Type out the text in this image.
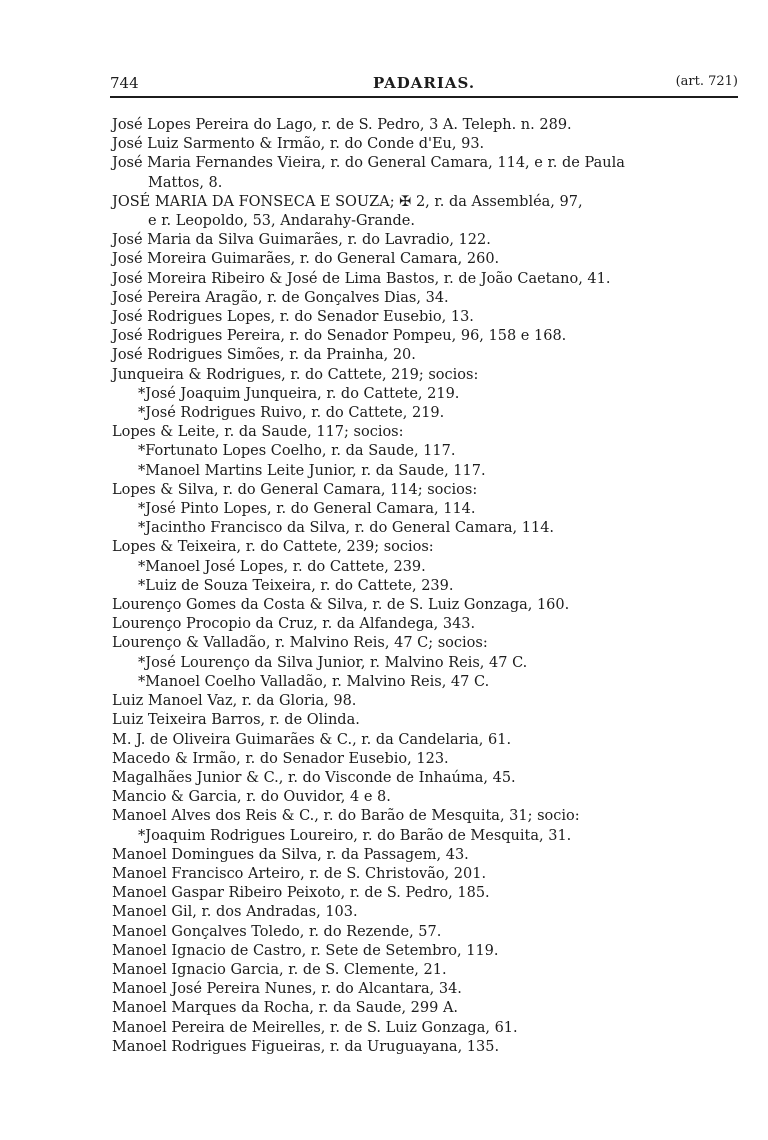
744	PADARIAS.	(art. 721)
José Lopes Pereira do Lago, r. de S. Pedro, 3 A. Teleph. n. 289.
José Luiz Sarmento & Irmão, r. do Conde d'Eu, 93.
José Maria Fernandes Vieira, r. do General Camara, 114, e r. de Paula
Mattos, 8.
JOSÉ MARIA DA FONSECA E SOUZA; ✠ 2, r. da Assembléa, 97,
e r. Leopoldo, 53, Andarahy-Grande.
José Maria da Silva Guimarães, r. do Lavradio, 122.
José Moreira Guimarães, r. do General Camara, 260.
José Moreira Ribeiro & José de Lima Bastos, r. de João Caetano, 41.
José Pereira Aragão, r. de Gonçalves Dias, 34.
José Rodrigues Lopes, r. do Senador Eusebio, 13.
José Rodrigues Pereira, r. do Senador Pompeu, 96, 158 e 168.
José Rodrigues Simões, r. da Prainha, 20.
Junqueira & Rodrigues, r. do Cattete, 219; socios:
*José Joaquim Junqueira, r. do Cattete, 219.
*José Rodrigues Ruivo, r. do Cattete, 219.
Lopes & Leite, r. da Saude, 117; socios:
*Fortunato Lopes Coelho, r. da Saude, 117.
*Manoel Martins Leite Junior, r. da Saude, 117.
Lopes & Silva, r. do General Camara, 114; socios:
*José Pinto Lopes, r. do General Camara, 114.
*Jacintho Francisco da Silva, r. do General Camara, 114.
Lopes & Teixeira, r. do Cattete, 239; socios:
*Manoel José Lopes, r. do Cattete, 239.
*Luiz de Souza Teixeira, r. do Cattete, 239.
Lourenço Gomes da Costa & Silva, r. de S. Luiz Gonzaga, 160.
Lourenço Procopio da Cruz, r. da Alfandega, 343.
Lourenço & Valladão, r. Malvino Reis, 47 C; socios:
*José Lourenço da Silva Junior, r. Malvino Reis, 47 C.
*Manoel Coelho Valladão, r. Malvino Reis, 47 C.
Luiz Manoel Vaz, r. da Gloria, 98.
Luiz Teixeira Barros, r. de Olinda.
M. J. de Oliveira Guimarães & C., r. da Candelaria, 61.
Macedo & Irmão, r. do Senador Eusebio, 123.
Magalhães Junior & C., r. do Visconde de Inhaúma, 45.
Mancio & Garcia, r. do Ouvidor, 4 e 8.
Manoel Alves dos Reis & C., r. do Barão de Mesquita, 31; socio:
*Joaquim Rodrigues Loureiro, r. do Barão de Mesquita, 31.
Manoel Domingues da Silva, r. da Passagem, 43.
Manoel Francisco Arteiro, r. de S. Christovão, 201.
Manoel Gaspar Ribeiro Peixoto, r. de S. Pedro, 185.
Manoel Gil, r. dos Andradas, 103.
Manoel Gonçalves Toledo, r. do Rezende, 57.
Manoel Ignacio de Castro, r. Sete de Setembro, 119.
Manoel Ignacio Garcia, r. de S. Clemente, 21.
Manoel José Pereira Nunes, r. do Alcantara, 34.
Manoel Marques da Rocha, r. da Saude, 299 A.
Manoel Pereira de Meirelles, r. de S. Luiz Gonzaga, 61.
Manoel Rodrigues Figueiras, r. da Uruguayana, 135.
